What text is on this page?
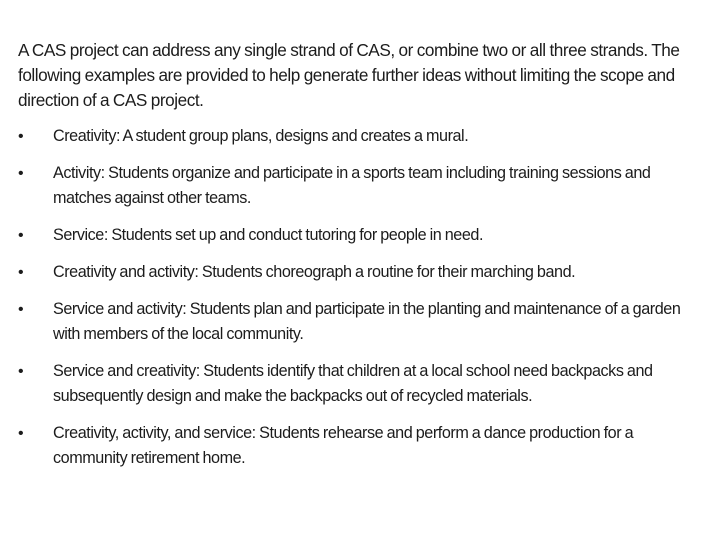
A CAS project can address any single strand of CAS, or combine two or all three strands. The following examples are provided to help generate further ideas without limiting the scope and direction of a CAS project.

•	Creativity: A student group plans, designs and creates a mural.
•	Activity: Students organize and participate in a sports team including training sessions and matches against other teams.
•	Service: Students set up and conduct tutoring for people in need.
•	Creativity and activity: Students choreograph a routine for their marching band.
•	Service and activity: Students plan and participate in the planting and maintenance of a garden with members of the local community.
•	Service and creativity: Students identify that children at a local school need backpacks and subsequently design and make the backpacks out of recycled materials.
•	Creativity, activity, and service: Students rehearse and perform a dance production for a community retirement home.
